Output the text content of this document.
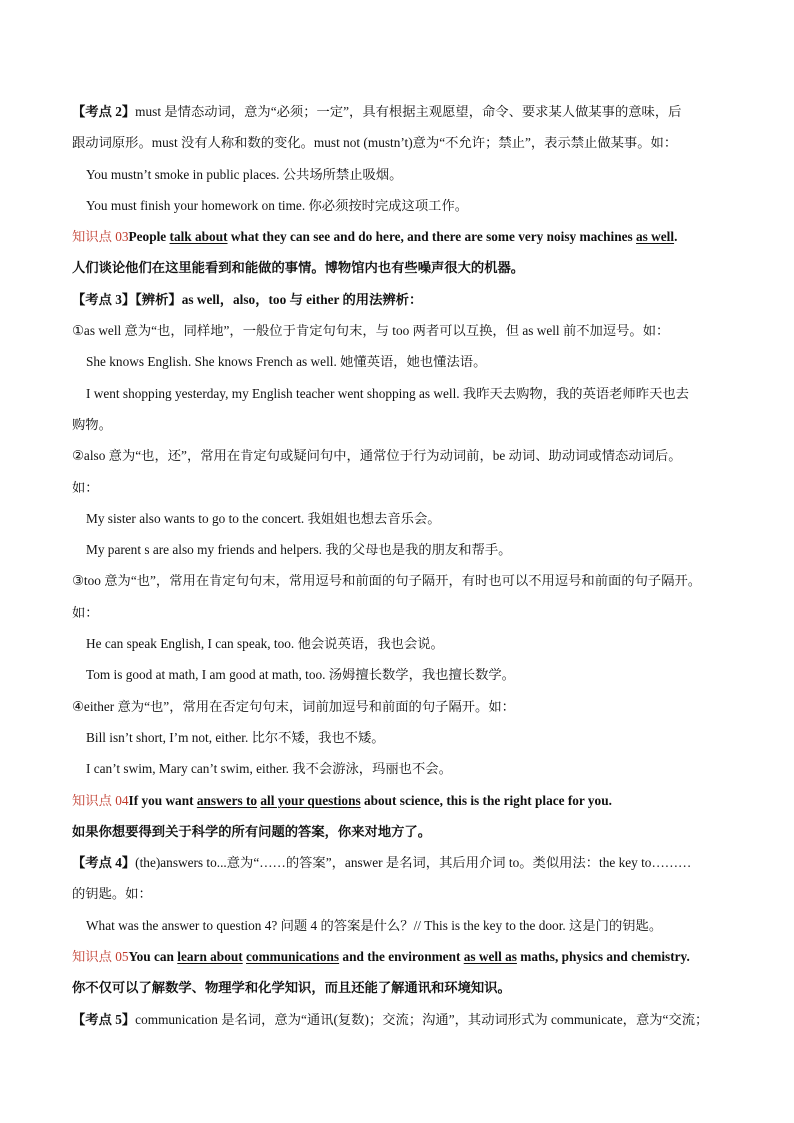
【考点 2】must 是情态动词，意为“必须；一定”，具有根据主观愿望，命令、要求某人做某事的意味，后
跟动词原形。must 没有人称和数的变化。must not (mustn’t)意为“不允许；禁止”，表示禁止做某事。如：
You mustn’t smoke in public places. 公共场所禁止吸烟。
You must finish your homework on time. 你必须按时完成这项工作。
知识点 03People talk about what they can see and do here, and there are some very noisy machines as well.
人们谈论他们在这里能看到和能做的事情。博物馆内也有些噪声很大的机器。
【考点 3】【辨析】as well，also，too 与 either 的用法辨析：
①as well 意为“也，同样地”，一般位于肯定句句末，与 too 两者可以互换，但 as well 前不加逗号。如：
She knows English. She knows French as well. 她懂英语，她也懂法语。
I went shopping yesterday, my English teacher went shopping as well. 我昨天去购物，我的英语老师昨天也去
购物。
②also 意为“也，还”，常用在肯定句或疑问句中，通常位于行为动词前，be 动词、助动词或情态动词后。
如：
My sister also wants to go to the concert. 我姐姐也想去音乐会。
My parent s are also my friends and helpers. 我的父母也是我的朋友和帮手。
③too 意为“也”，常用在肯定句句末，常用逗号和前面的句子隔开，有时也可以不用逗号和前面的句子隔开。
如：
He can speak English, I can speak, too. 他会说英语，我也会说。
Tom is good at math, I am good at math, too. 汤姆擅长数学，我也擅长数学。
④either 意为“也”，常用在否定句句末，词前加逗号和前面的句子隔开。如：
Bill isn’t short, I’m not, either. 比尔不矮，我也不矮。
I can’t swim, Mary can’t swim, either. 我不会游泳，玛丽也不会。
知识点 04If you want answers to all your questions about science, this is the right place for you.
如果你想要得到关于科学的所有问题的答案，你来对地方了。
【考点 4】(the)answers to...意为“……的答案”，answer 是名词，其后用介词 to。类似用法：the key to………
的钥匙。如：
What was the answer to question 4? 问题 4 的答案是什么？// This is the key to the door. 这是门的钥匙。
知识点 05You can learn about communications and the environment as well as maths, physics and chemistry.
你不仅可以了解数学、物理学和化学知识，而且还能了解通讯和环境知识。
【考点 5】communication 是名词，意为“通讯(复数)；交流；沟通”，其动词形式为 communicate，意为“交流；
